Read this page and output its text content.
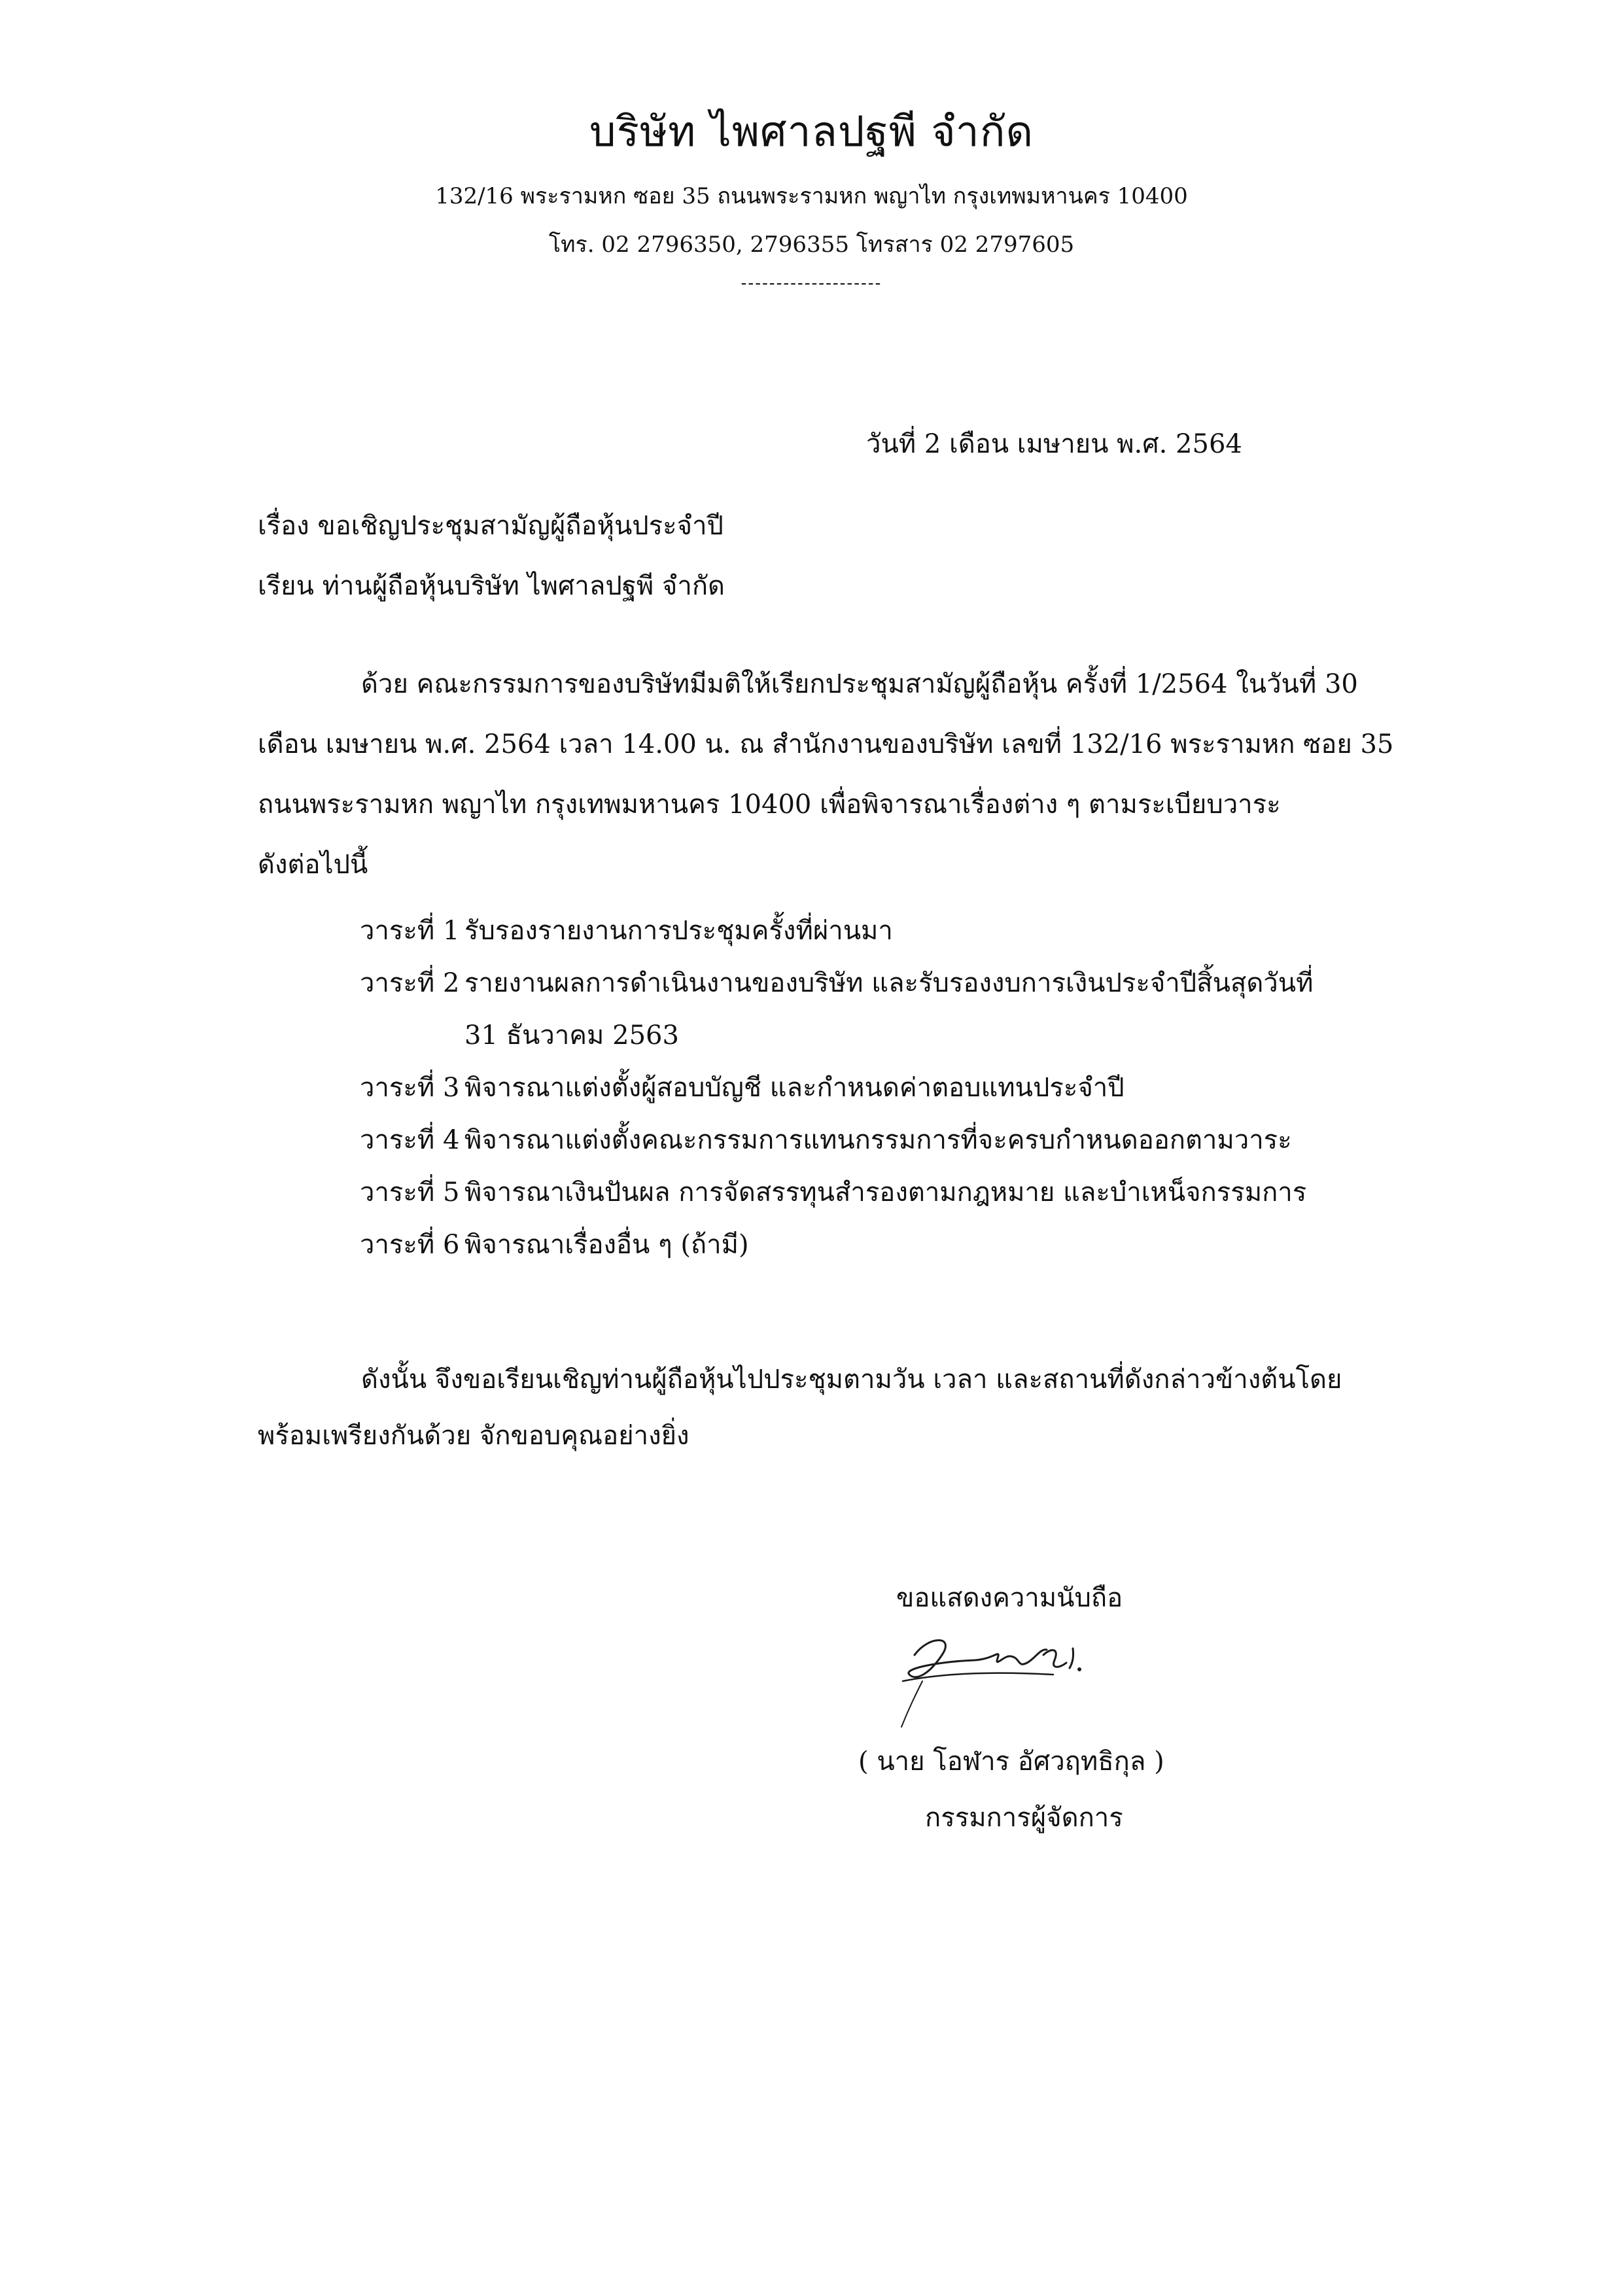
บริษัท ไพศาลปฐพี จำกัด
132/16 พระรามหก ซอย 35 ถนนพระรามหก พญาไท กรุงเทพมหานคร 10400
โทร. 02 2796350, 2796355 โทรสาร 02 2797605
--------------------
วันที่ 2 เดือน เมษายน พ.ศ. 2564
เรื่อง ขอเชิญประชุมสามัญผู้ถือหุ้นประจำปี
เรียน ท่านผู้ถือหุ้นบริษัท ไพศาลปฐพี จำกัด
ด้วย คณะกรรมการของบริษัทมีมติให้เรียกประชุมสามัญผู้ถือหุ้น ครั้งที่ 1/2564 ในวันที่ 30
เดือน เมษายน พ.ศ. 2564 เวลา 14.00 น. ณ สำนักงานของบริษัท เลขที่ 132/16 พระรามหก ซอย 35
ถนนพระรามหก พญาไท กรุงเทพมหานคร 10400 เพื่อพิจารณาเรื่องต่าง ๆ ตามระเบียบวาระ
ดังต่อไปนี้
วาระที่ 1 รับรองรายงานการประชุมครั้งที่ผ่านมา
วาระที่ 2 รายงานผลการดำเนินงานของบริษัท และรับรองงบการเงินประจำปีสิ้นสุดวันที่
31 ธันวาคม 2563
วาระที่ 3 พิจารณาแต่งตั้งผู้สอบบัญชี และกำหนดค่าตอบแทนประจำปี
วาระที่ 4 พิจารณาแต่งตั้งคณะกรรมการแทนกรรมการที่จะครบกำหนดออกตามวาระ
วาระที่ 5 พิจารณาเงินปันผล การจัดสรรทุนสำรองตามกฎหมาย และบำเหน็จกรรมการ
วาระที่ 6 พิจารณาเรื่องอื่น ๆ (ถ้ามี)
ดังนั้น จึงขอเรียนเชิญท่านผู้ถือหุ้นไปประชุมตามวัน เวลา และสถานที่ดังกล่าวข้างต้นโดย
พร้อมเพรียงกันด้วย จักขอบคุณอย่างยิ่ง
ขอแสดงความนับถือ
( นาย โอฬาร อัศวฤทธิกุล )
กรรมการผู้จัดการ
